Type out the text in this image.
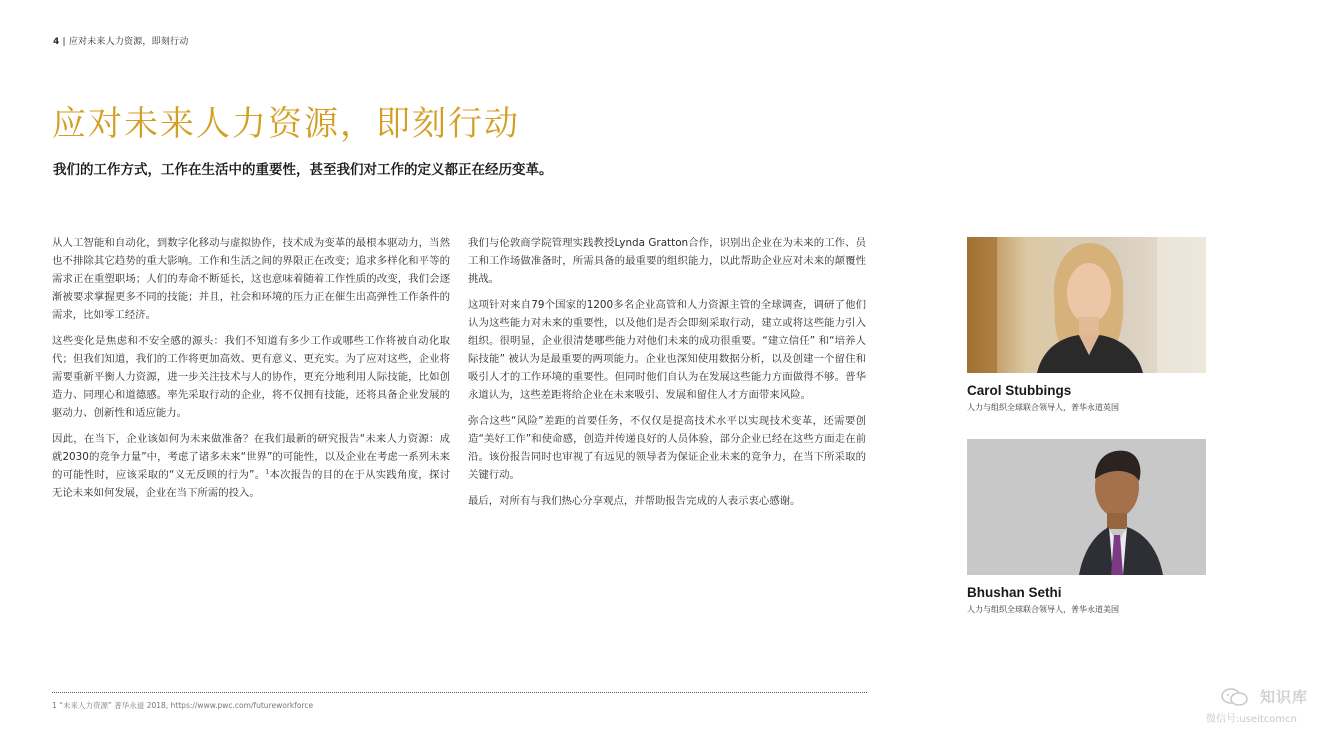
4 | 应对未来人力资源，即刻行动
应对未来人力资源，即刻行动
我们的工作方式，工作在生活中的重要性，甚至我们对工作的定义都正在经历变革。

从人工智能和自动化，到数字化移动与虚拟协作，技术成为变革的最根本驱动力，当然也不排除其它趋势的重大影响。工作和生活之间的界限正在改变；追求多样化和平等的需求正在重塑职场；人们的寿命不断延长，这也意味着随着工作性质的改变，我们会逐渐被要求掌握更多不同的技能；并且，社会和环境的压力正在催生出高弹性工作条件的需求，比如零工经济。

这些变化是焦虑和不安全感的源头：我们不知道有多少工作或哪些工作将被自动化取代；但我们知道，我们的工作将更加高效、更有意义、更充实。为了应对这些，企业将需要重新平衡人力资源，进一步关注技术与人的协作，更充分地利用人际技能，比如创造力、同理心和道德感。率先采取行动的企业，将不仅拥有技能，还将具备企业发展的驱动力、创新性和适应能力。

因此，在当下，企业该如何为未来做准备？在我们最新的研究报告“未来人力资源：成就2030的竞争力量”中，考虑了诸多未来“世界”的可能性，以及企业在考虑一系列未来的可能性时，应该采取的“义无反顾的行为”。$^1$本次报告的目的在于从实践角度，探讨无论未来如何发展，企业在当下所需的投入。

我们与伦敦商学院管理实践教授Lynda Gratton合作，识别出企业在为未来的工作、员工和工作场做准备时，所需具备的最重要的组织能力，以此帮助企业应对未来的颠覆性挑战。

这项针对来自79个国家的1200多名企业高管和人力资源主管的全球调查，调研了他们认为这些能力对未来的重要性，以及他们是否会即刻采取行动，建立或将这些能力引入组织。很明显，企业很清楚哪些能力对他们未来的成功很重要。“建立信任” 和“培养人际技能” 被认为是最重要的两项能力。企业也深知使用数据分析，以及创建一个留住和吸引人才的工作环境的重要性。但同时他们自认为在发展这些能力方面做得不够。普华永道认为，这些差距将给企业在未来吸引、发展和留住人才方面带来风险。

弥合这些“风险”差距的首要任务，不仅仅是提高技术水平以实现技术变革，还需要创造“美好工作”和使命感，创造并传递良好的人员体验，部分企业已经在这些方面走在前沿。该份报告同时也审视了有远见的领导者为保证企业未来的竞争力，在当下所采取的关键行动。

最后，对所有与我们热心分享观点，并帮助报告完成的人表示衷心感谢。

Carol Stubbings
人力与组织全球联合领导人，普华永道英国
Bhushan Sethi
人力与组织全球联合领导人，普华永道美国
1 “未来人力资源” 普华永道 2018, https://www.pwc.com/futureworkforce	知识库
微信号:useitcomcn
